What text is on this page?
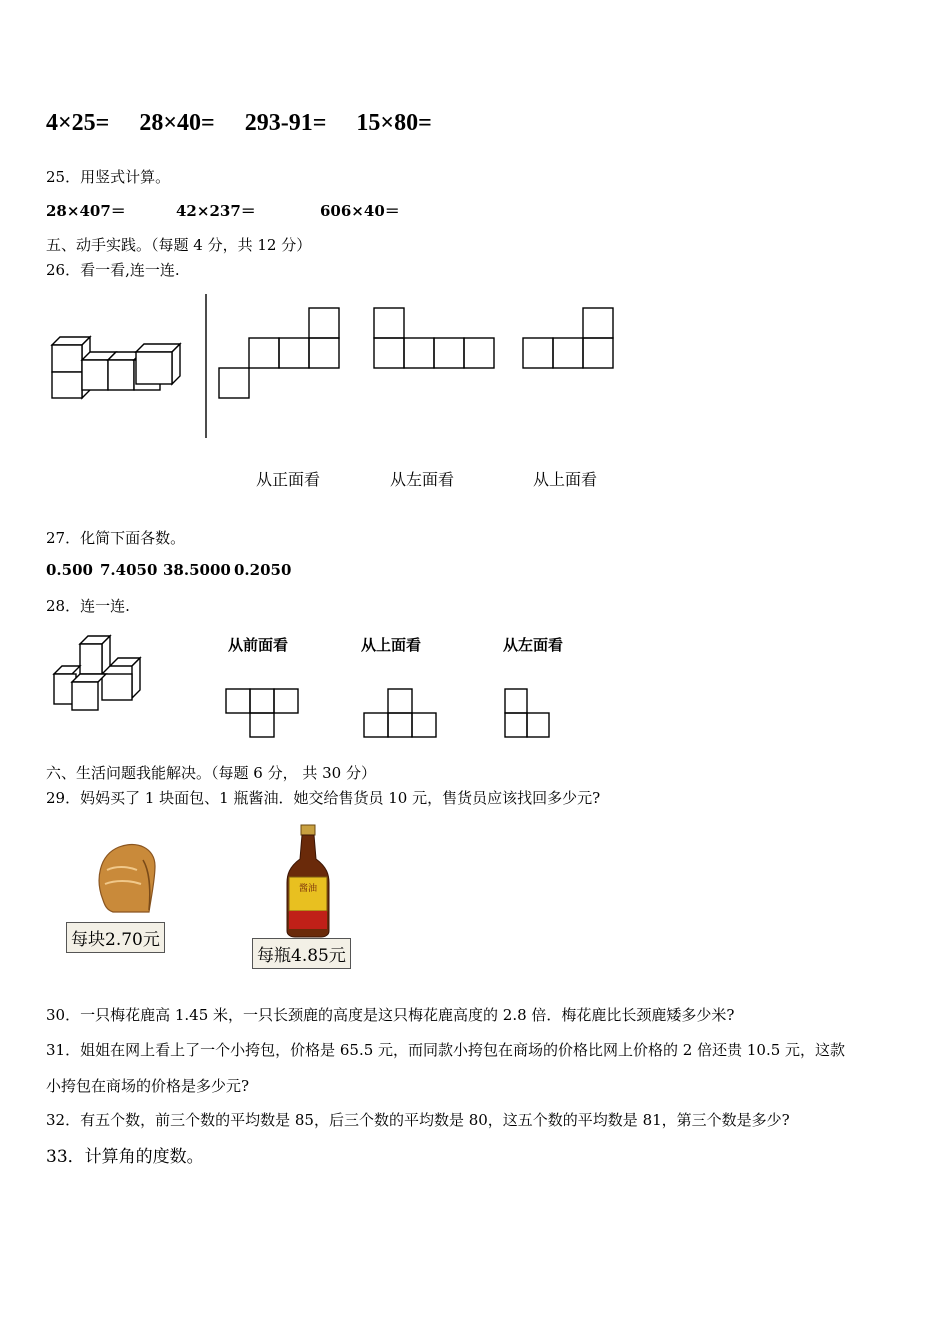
4×25= 28×40= 293-91= 15×80=
25．用竖式计算。
28×407＝	42×237＝	606×40＝
五、动手实践。（每题 4 分，共 12 分）
26．看一看,连一连.
从正面看	从左面看	从上面看
27．化简下面各数。
0.500 7.4050 38.5000 0.2050
28．连一连.
从前面看	从上面看	从左面看
六、生活问题我能解决。（每题 6 分， 共 30 分）
29．妈妈买了 1 块面包、1 瓶酱油．她交给售货员 10 元，售货员应该找回多少元?
每块2.70元
酱油
每瓶4.85元
30．一只梅花鹿高 1.45 米，一只长颈鹿的高度是这只梅花鹿高度的 2.8 倍．梅花鹿比长颈鹿矮多少米?
31．姐姐在网上看上了一个小挎包，价格是 65.5 元，而同款小挎包在商场的价格比网上价格的 2 倍还贵 10.5 元，这款
小挎包在商场的价格是多少元?
32．有五个数，前三个数的平均数是 85，后三个数的平均数是 80，这五个数的平均数是 81，第三个数是多少?
33．计算角的度数。
